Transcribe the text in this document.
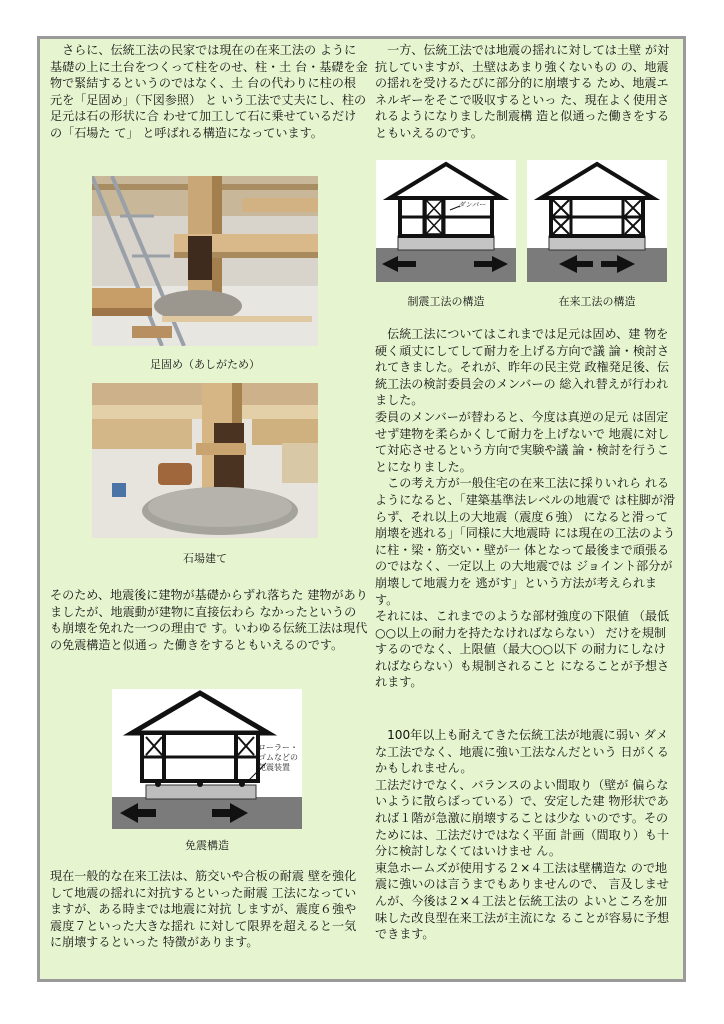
　さらに、伝統工法の民家では現在の在来工法の ように基礎の上に土台をつくって柱をのせ、柱・土 台・基礎を金物で緊結するというのではなく、土 台の代わりに柱の根元を「足固め」（下図参照） と いう工法で丈夫にし、柱の足元は石の形状に合 わせて加工して石に乗せているだけの「石場た て」 と呼ばれる構造になっています。

足固め（あしがため）
石場建て

そのため、地震後に建物が基礎からずれ落ちた 建物がありましたが、地震動が建物に直接伝わら なかったというのも崩壊を免れた一つの理由で す。いわゆる伝統工法は現代の免震構造と似通っ た働きをするともいえるのです。

ローラー・
ゴムなどの
免震装置
免震構造

現在一般的な在来工法は、筋交いや合板の耐震 壁を強化して地震の揺れに対抗するといった耐震 工法になっていますが、ある時までは地震に対抗 しますが、震度６強や震度７といった大きな揺れ に対して限界を超えると一気に崩壊するといった 特徴があります。

　一方、伝統工法では地震の揺れに対しては土壁 が対抗していますが、土壁はあまり強くないもの の、地震の揺れを受けるたびに部分的に崩壊する ため、地震エネルギーをそこで吸収するといっ た、現在よく使用されるようになりました制震構 造と似通った働きをするともいえるのです。

ダンパー
制震工法の構造	在来工法の構造

　伝統工法についてはこれまでは足元は固め、建 物を硬く頑丈にしてして耐力を上げる方向で議 論・検討されてきました。それが、昨年の民主党 政権発足後、伝統工法の検討委員会のメンバーの 総入れ替えが行われました。
委員のメンバーが替わると、今度は真逆の足元 は固定せず建物を柔らかくして耐力を上げないで 地震に対して対応させるという方向で実験や議 論・検討を行うことになりました。
　この考え方が一般住宅の在来工法に採りいれら れるようになると、「建築基準法レベルの地震で は柱脚が滑らず、それ以上の大地震（震度６強） になると滑って崩壊を逃れる」「同様に大地震時 には現在の工法のように柱・梁・筋交い・壁が一 体となって最後まで頑張るのではなく、一定以上 の大地震では ジョイント部分が崩壊して地震力を 逃がす」という方法が考えられます。
それには、これまでのような部材強度の下限値 （最低○○以上の耐力を持たなければならない） だけを規制するのでなく、上限値（最大○○以下 の耐力にしなければならない）も規制されること になることが予想されます。

　100年以上も耐えてきた伝統工法が地震に弱い ダメな工法でなく、地震に強い工法なんだという 日がくるかもしれません。
工法だけでなく、バランスのよい間取り（壁が 偏らないように散らばっている）で、安定した建 物形状であれば１階が急激に崩壊することは少な いのです。そのためには、工法だけではなく平面 計画（間取り）も十分に検討しなくてはいけませ ん。
東急ホームズが使用する２×４工法は壁構造な ので地震に強いのは言うまでもありませんので、 言及しませんが、今後は２×４工法と伝統工法の よいところを加味した改良型在来工法が主流にな ることが容易に予想できます。
